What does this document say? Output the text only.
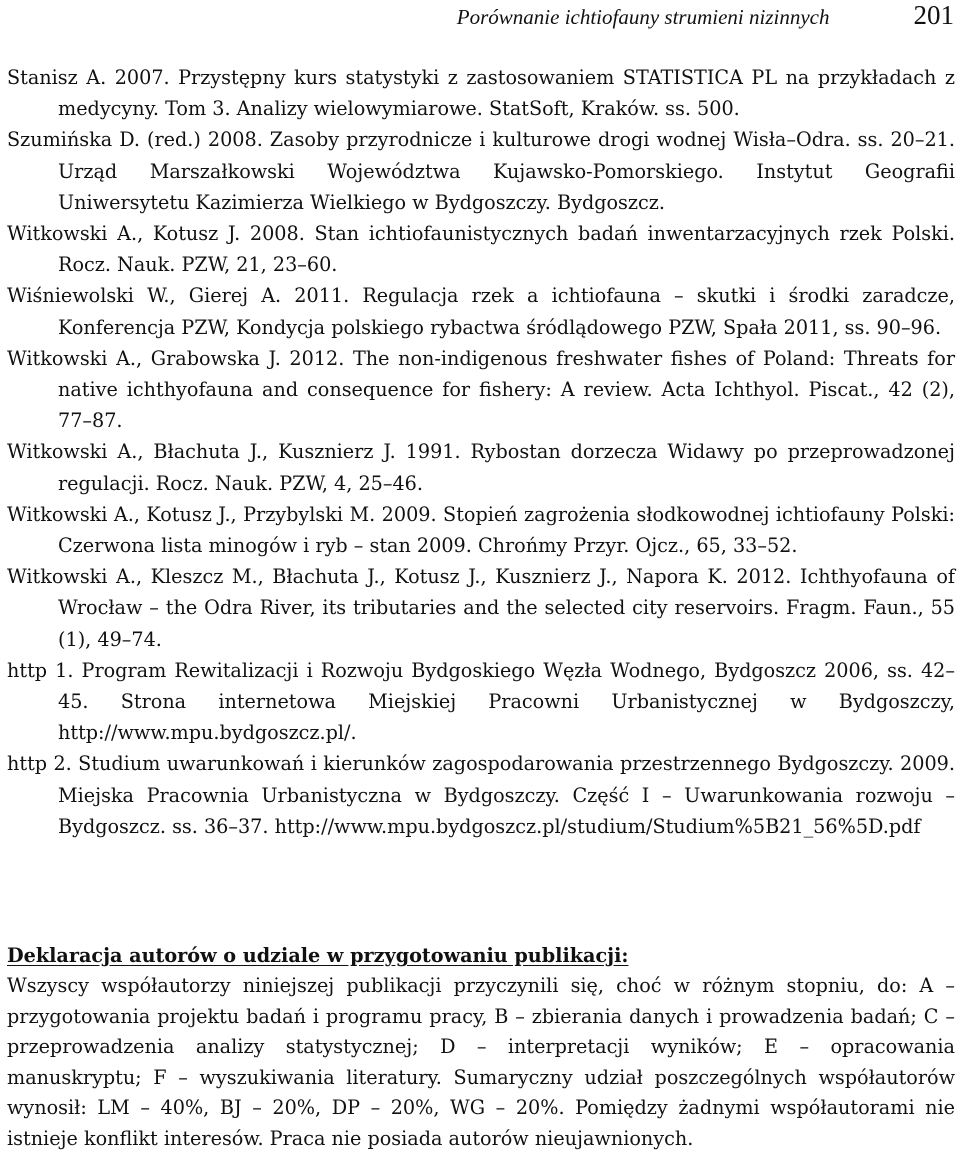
Porównanie ichtiofauny strumieni nizinnych	201
Stanisz A. 2007. Przystępny kurs statystyki z zastosowaniem STATISTICA PL na przykładach z medycyny. Tom 3. Analizy wielowymiarowe. StatSoft, Kraków. ss. 500.
Szumińska D. (red.) 2008. Zasoby przyrodnicze i kulturowe drogi wodnej Wisła–Odra. ss. 20–21. Urząd Marszałkowski Województwa Kujawsko-Pomorskiego. Instytut Geografii Uniwersytetu Kazimierza Wielkiego w Bydgoszczy. Bydgoszcz.
Witkowski A., Kotusz J. 2008. Stan ichtiofaunistycznych badań inwentarzacyjnych rzek Polski. Rocz. Nauk. PZW, 21, 23–60.
Wiśniewolski W., Gierej A. 2011. Regulacja rzek a ichtiofauna – skutki i środki zaradcze, Konferencja PZW, Kondycja polskiego rybactwa śródlądowego PZW, Spała 2011, ss. 90–96.
Witkowski A., Grabowska J. 2012. The non-indigenous freshwater fishes of Poland: Threats for native ichthyofauna and consequence for fishery: A review. Acta Ichthyol. Piscat., 42 (2), 77–87.
Witkowski A., Błachuta J., Kusznierz J. 1991. Rybostan dorzecza Widawy po przeprowadzonej regulacji. Rocz. Nauk. PZW, 4, 25–46.
Witkowski A., Kotusz J., Przybylski M. 2009. Stopień zagrożenia słodkowodnej ichtiofauny Polski: Czerwona lista minogów i ryb – stan 2009. Chrońmy Przyr. Ojcz., 65, 33–52.
Witkowski A., Kleszcz M., Błachuta J., Kotusz J., Kusznierz J., Napora K. 2012. Ichthyofauna of Wrocław – the Odra River, its tributaries and the selected city reservoirs. Fragm. Faun., 55 (1), 49–74.
http 1. Program Rewitalizacji i Rozwoju Bydgoskiego Węzła Wodnego, Bydgoszcz 2006, ss. 42–45. Strona internetowa Miejskiej Pracowni Urbanistycznej w Bydgoszczy, http://www.mpu.bydgoszcz.pl/.
http 2. Studium uwarunkowań i kierunków zagospodarowania przestrzennego Bydgoszczy. 2009. Miejska Pracownia Urbanistyczna w Bydgoszczy. Część I – Uwarunkowania rozwoju – Bydgoszcz. ss. 36–37. http://www.mpu.bydgoszcz.pl/studium/Studium%5B21_56%5D.pdf

Deklaracja autorów o udziale w przygotowaniu publikacji:

Wszyscy współautorzy niniejszej publikacji przyczynili się, choć w różnym stopniu, do: A – przygotowania projektu badań i programu pracy, B – zbierania danych i prowadzenia badań; C – przeprowadzenia analizy statystycznej; D – interpretacji wyników; E – opracowania manuskryptu; F – wyszukiwania literatury. Sumaryczny udział poszczególnych współautorów wynosił: LM – 40%, BJ – 20%, DP – 20%, WG – 20%. Pomiędzy żadnymi współautorami nie istnieje konflikt interesów. Praca nie posiada autorów nieujawnionych.
